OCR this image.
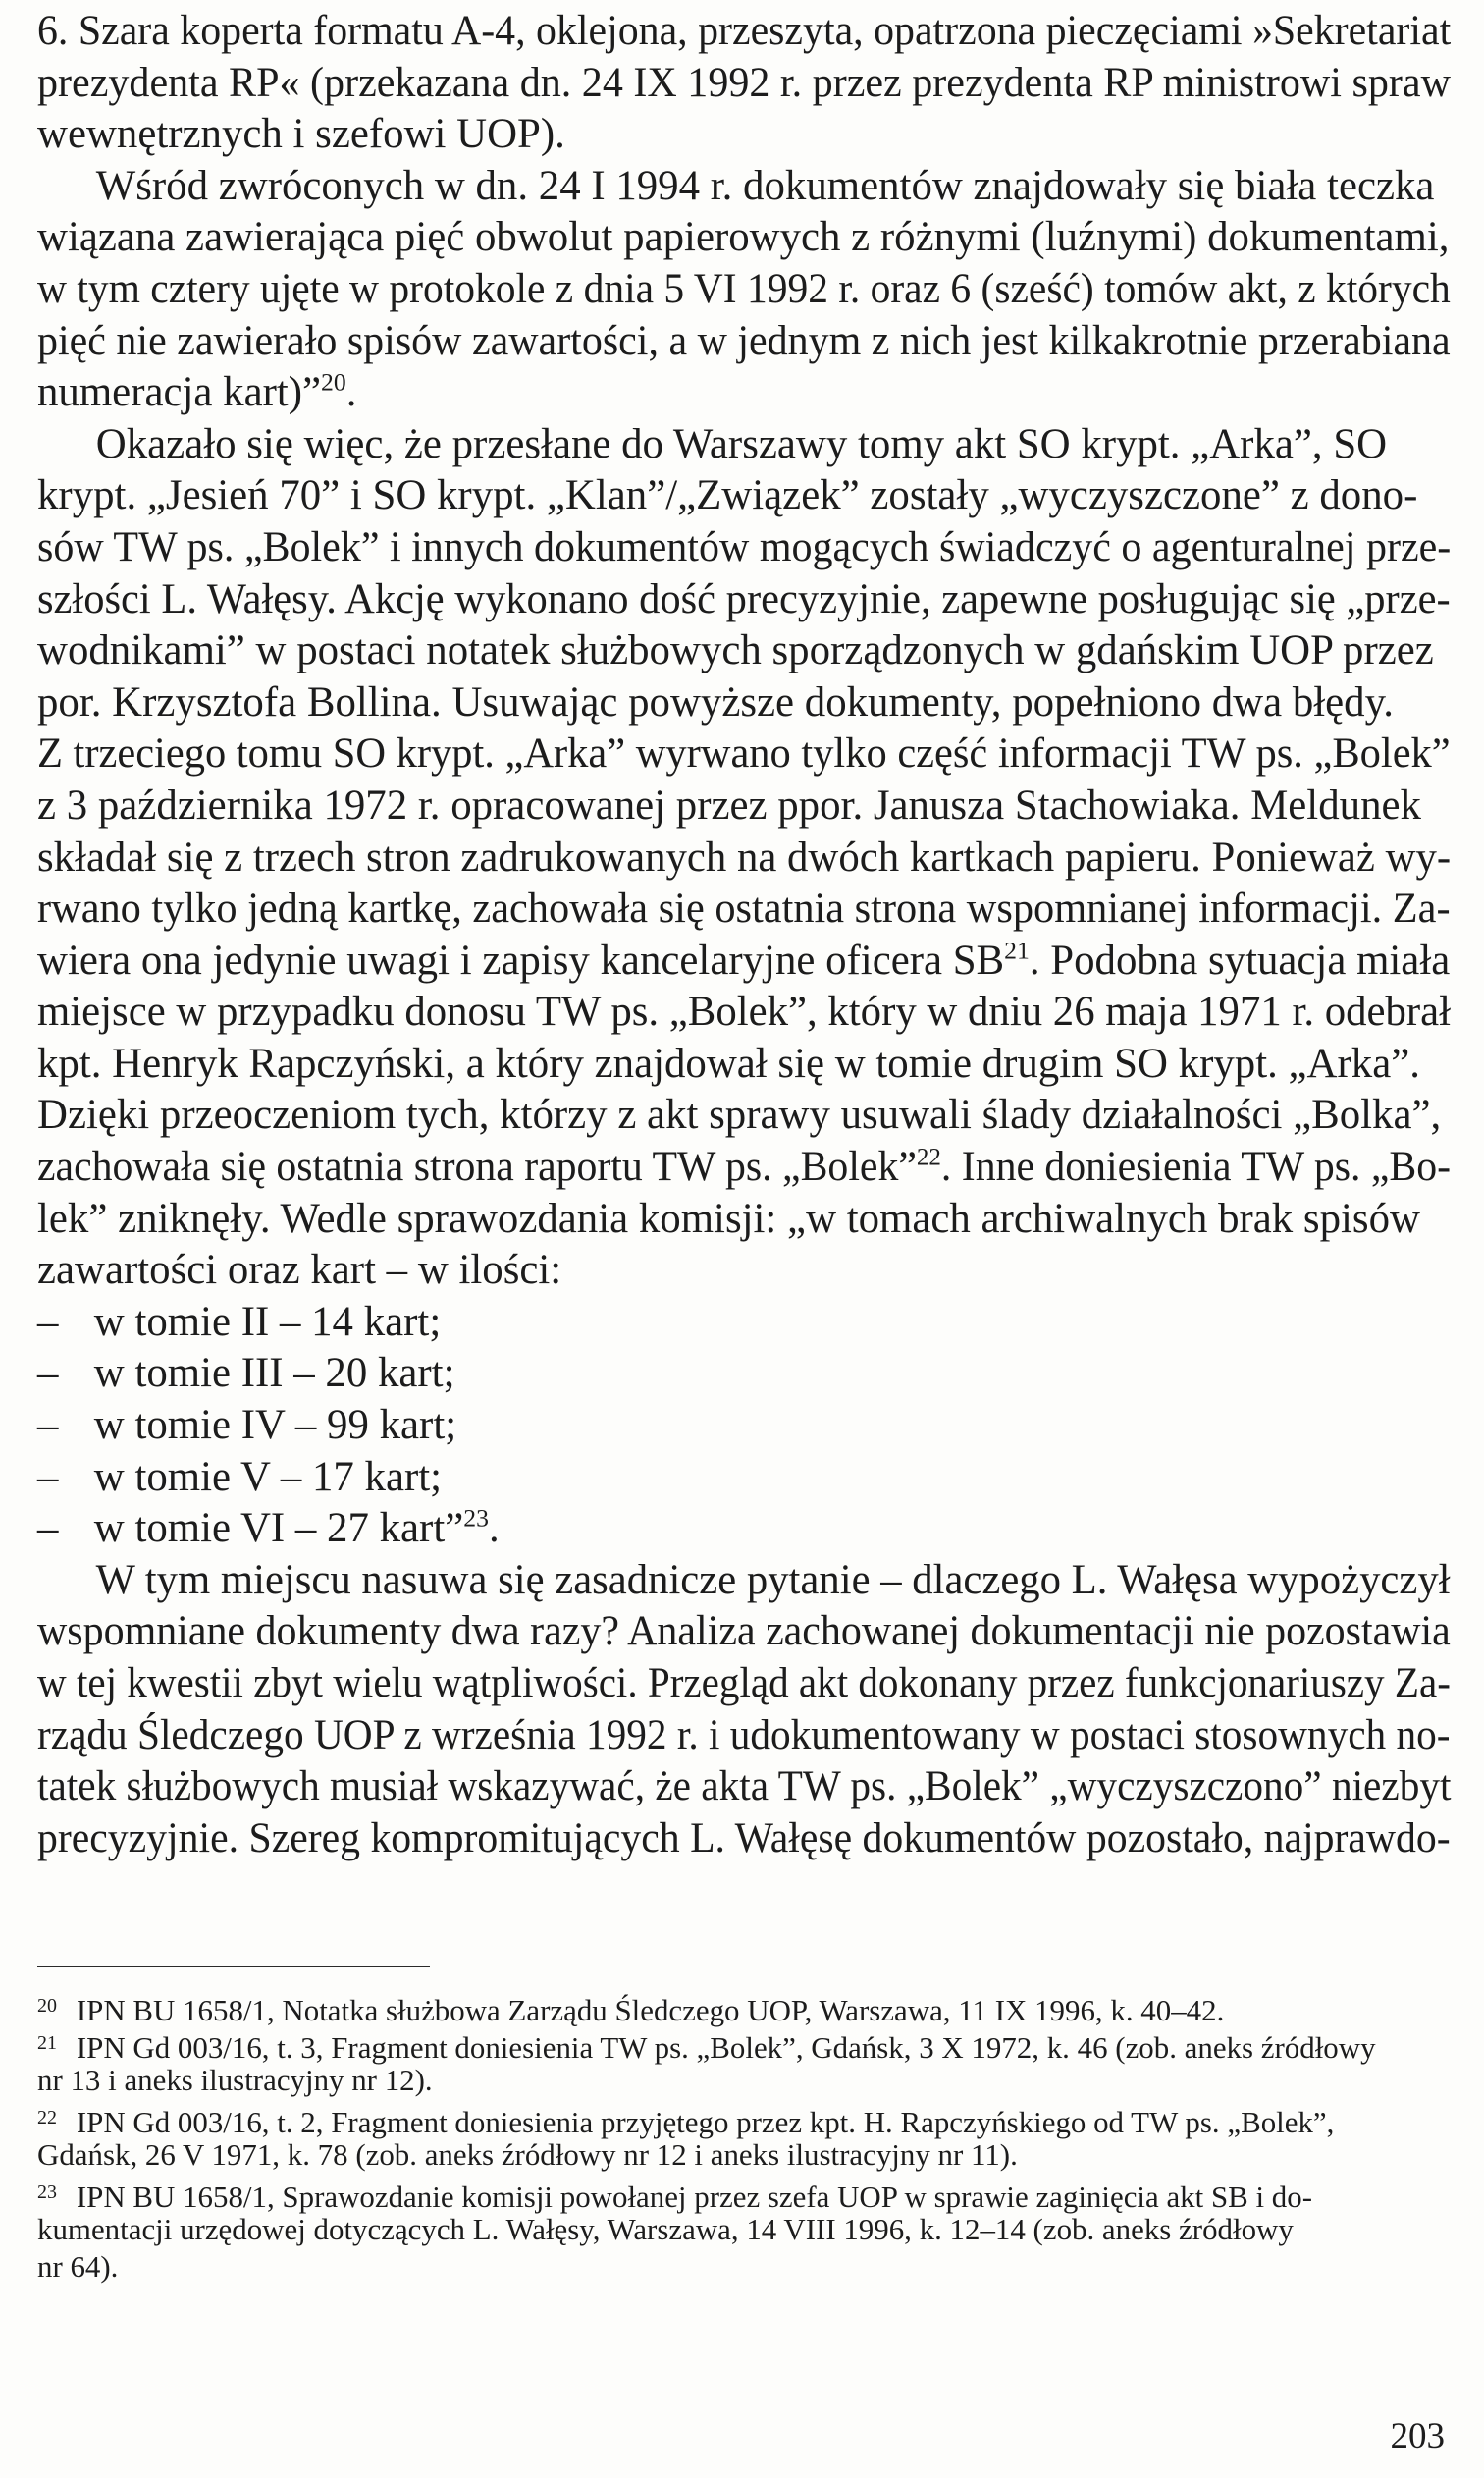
6. Szara koperta formatu A-4, oklejona, przeszyta, opatrzona pieczęciami »Sekretariat
prezydenta RP« (przekazana dn. 24 IX 1992 r. przez prezydenta RP ministrowi spraw
wewnętrznych i szefowi UOP).
Wśród zwróconych w dn. 24 I 1994 r. dokumentów znajdowały się biała teczka
wiązana zawierająca pięć obwolut papierowych z różnymi (luźnymi) dokumentami,
w tym cztery ujęte w protokole z dnia 5 VI 1992 r. oraz 6 (sześć) tomów akt, z których
pięć nie zawierało spisów zawartości, a w jednym z nich jest kilkakrotnie przerabiana
numeracja kart)”$^{20}$.
Okazało się więc, że przesłane do Warszawy tomy akt SO krypt. „Arka”, SO
krypt. „Jesień 70” i SO krypt. „Klan”/„Związek” zostały „wyczyszczone” z dono-
sów TW ps. „Bolek” i innych dokumentów mogących świadczyć o agenturalnej prze-
szłości L. Wałęsy. Akcję wykonano dość precyzyjnie, zapewne posługując się „prze-
wodnikami” w postaci notatek służbowych sporządzonych w gdańskim UOP przez
por. Krzysztofa Bollina. Usuwając powyższe dokumenty, popełniono dwa błędy.
Z trzeciego tomu SO krypt. „Arka” wyrwano tylko część informacji TW ps. „Bolek”
z 3 października 1972 r. opracowanej przez ppor. Janusza Stachowiaka. Meldunek
składał się z trzech stron zadrukowanych na dwóch kartkach papieru. Ponieważ wy-
rwano tylko jedną kartkę, zachowała się ostatnia strona wspomnianej informacji. Za-
wiera ona jedynie uwagi i zapisy kancelaryjne oficera SB$^{21}$. Podobna sytuacja miała
miejsce w przypadku donosu TW ps. „Bolek”, który w dniu 26 maja 1971 r. odebrał
kpt. Henryk Rapczyński, a który znajdował się w tomie drugim SO krypt. „Arka”.
Dzięki przeoczeniom tych, którzy z akt sprawy usuwali ślady działalności „Bolka”,
zachowała się ostatnia strona raportu TW ps. „Bolek”$^{22}$. Inne doniesienia TW ps. „Bo-
lek” zniknęły. Wedle sprawozdania komisji: „w tomach archiwalnych brak spisów
zawartości oraz kart – w ilości:
– w tomie II – 14 kart;
– w tomie III – 20 kart;
– w tomie IV – 99 kart;
– w tomie V – 17 kart;
– w tomie VI – 27 kart”$^{23}$.
W tym miejscu nasuwa się zasadnicze pytanie – dlaczego L. Wałęsa wypożyczył
wspomniane dokumenty dwa razy? Analiza zachowanej dokumentacji nie pozostawia
w tej kwestii zbyt wielu wątpliwości. Przegląd akt dokonany przez funkcjonariuszy Za-
rządu Śledczego UOP z września 1992 r. i udokumentowany w postaci stosownych no-
tatek służbowych musiał wskazywać, że akta TW ps. „Bolek” „wyczyszczono” niezbyt
precyzyjnie. Szereg kompromitujących L. Wałęsę dokumentów pozostało, najprawdo-
20 IPN BU 1658/1, Notatka służbowa Zarządu Śledczego UOP, Warszawa, 11 IX 1996, k. 40–42.
21 IPN Gd 003/16, t. 3, Fragment doniesienia TW ps. „Bolek”, Gdańsk, 3 X 1972, k. 46 (zob. aneks źródłowy
nr 13 i aneks ilustracyjny nr 12).
22 IPN Gd 003/16, t. 2, Fragment doniesienia przyjętego przez kpt. H. Rapczyńskiego od TW ps. „Bolek”,
Gdańsk, 26 V 1971, k. 78 (zob. aneks źródłowy nr 12 i aneks ilustracyjny nr 11).
23 IPN BU 1658/1, Sprawozdanie komisji powołanej przez szefa UOP w sprawie zaginięcia akt SB i do-
kumentacji urzędowej dotyczących L. Wałęsy, Warszawa, 14 VIII 1996, k. 12–14 (zob. aneks źródłowy
nr 64).
203
